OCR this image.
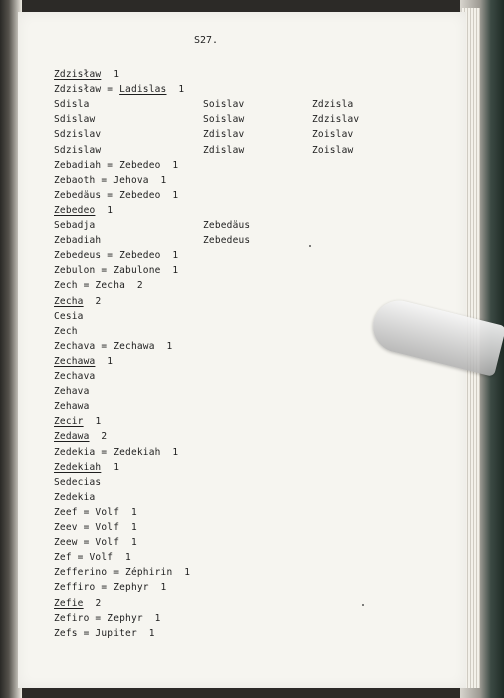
S27.
Zdzisław  1
Zdzisław = Ladislas  1
Sdisla	Soislav	Zdzisla
Sdislaw	Soislaw	Zdzislav
Sdzislav	Zdislav	Zoislav
Sdzislaw	Zdislaw	Zoislaw
Zebadiah = Zebedeo  1
Zebaoth = Jehova  1
Zebedäus = Zebedeo  1
Zebedeo  1
Sebadja	Zebedäus
Zebadiah	Zebedeus
Zebedeus = Zebedeo  1
Zebulon = Zabulone  1
Zech = Zecha  2
Zecha  2
Cesia
Zech
Zechava = Zechawa  1
Zechawa  1
Zechava
Zehava
Zehawa
Zecir  1
Zedawa  2
Zedekia = Zedekiah  1
Zedekiah  1
Sedecias
Zedekia
Zeef = Volf  1
Zeev = Volf  1
Zeew = Volf  1
Zef = Volf  1
Zefferino = Zéphirin  1
Zeffiro = Zephyr  1
Zefie  2
Zefiro = Zephyr  1
Zefs = Jupiter  1
